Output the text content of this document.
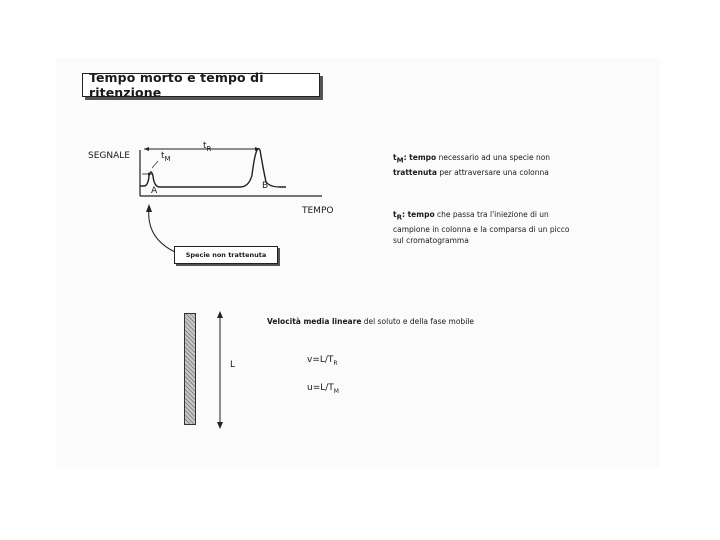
Tempo morto e tempo di ritenzione
SEGNALE
TEMPO
$t_R$
$t_M$
A	B
Specie non trattenuta
$t_M$: tempo necessario ad una specie non
trattenuta per attraversare una colonna
$t_R$: tempo che passa tra l'iniezione di un
campione in colonna e la comparsa di un picco
sul cromatogramma
L
Velocità media lineare del soluto e della fase mobile
$v=L/T_R$
$u=L/T_M$
